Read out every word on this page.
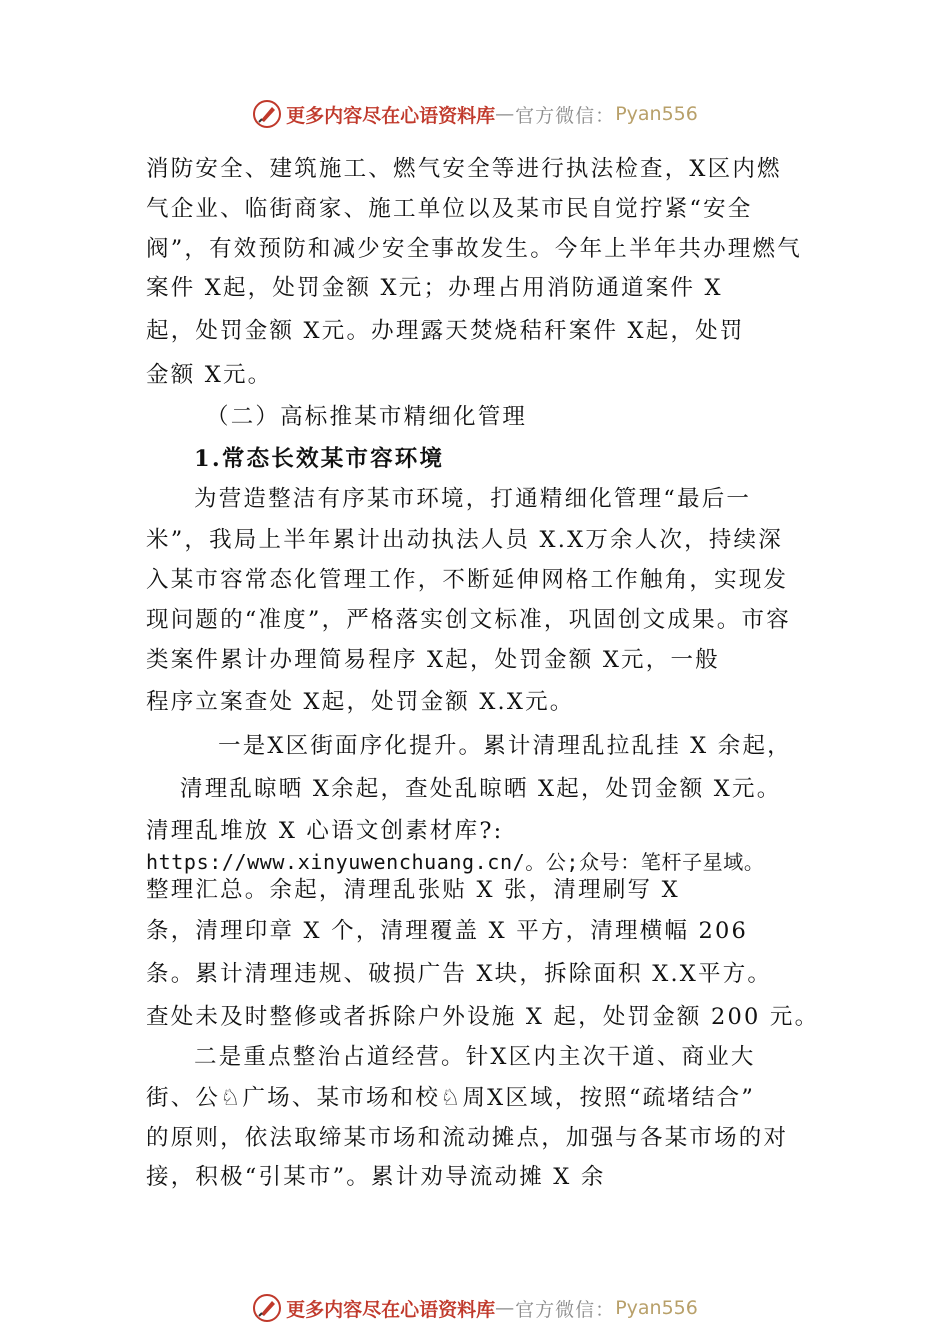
更多内容尽在心语资料库 — 官方微信： Pyan556
消防安全、建筑施工、燃气安全等进行执法检查，X区内燃
气企业、临街商家、施工单位以及某市民自觉拧紧“安全
阀”，有效预防和减少安全事故发生。今年上半年共办理燃气
案件 X起，处罚金额 X元；办理占用消防通道案件 X
起，处罚金额 X元。办理露天焚烧秸秆案件 X起，处罚
金额 X元。
（二）高标推某市精细化管理
1.常态长效某市容环境
为营造整洁有序某市环境，打通精细化管理“最后一
米”，我局上半年累计出动执法人员 X.X万余人次，持续深
入某市容常态化管理工作，不断延伸网格工作触角，实现发
现问题的“准度”，严格落实创文标准，巩固创文成果。市容
类案件累计办理简易程序 X起，处罚金额 X元，一般
程序立案查处 X起，处罚金额 X.X元。
一是X区街面序化提升。累计清理乱拉乱挂 X 余起，
清理乱晾晒 X余起，查处乱晾晒 X起，处罚金额 X元。
清理乱堆放 X 心语文创素材库?:
https://www.xinyuwenchuang.cn/。公;众号：笔杆子星域。
整理汇总。余起，清理乱张贴 X 张，清理刷写 X
条，清理印章 X 个，清理覆盖 X 平方，清理横幅 206
条。累计清理违规、破损广告 X块，拆除面积 X.X平方。
查处未及时整修或者拆除户外设施 X 起，处罚金额 200 元。
二是重点整治占道经营。针X区内主次干道、商业大
街、公♘广场、某市场和校♘周X区域，按照“疏堵结合”
的原则，依法取缔某市场和流动摊点，加强与各某市场的对
接，积极“引某市”。累计劝导流动摊 X 余
更多内容尽在心语资料库 — 官方微信： Pyan556
